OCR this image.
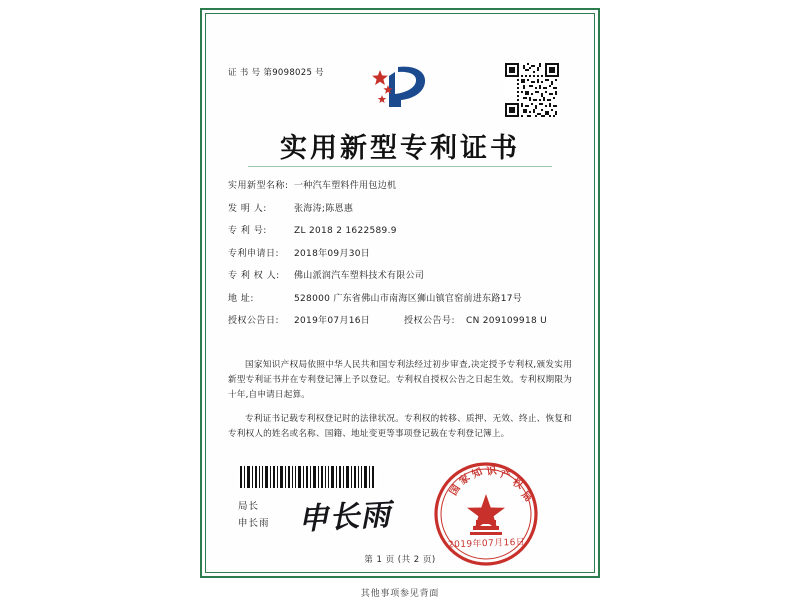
证 书 号 第9098025 号
实用新型专利证书
实用新型名称: 一种汽车塑料件用包边机
发 明 人:	张海涛;陈恩惠
专 利 号:	ZL 2018 2 1622589.9
专利申请日:	2018年09月30日
专 利 权 人:	佛山派润汽车塑料技术有限公司
地 址:	528000 广东省佛山市南海区狮山镇官窑前进东路17号
授权公告日:	2019年07月16日	授权公告号:	CN 209109918 U

国家知识产权局依照中华人民共和国专利法经过初步审查,决定授予专利权,颁发实用新型专利证书并在专利登记簿上予以登记。专利权自授权公告之日起生效。专利权期限为十年,自申请日起算。

专利证书记载专利权登记时的法律状况。专利权的转移、质押、无效、终止、恢复和专利权人的姓名或名称、国籍、地址变更等事项登记载在专利登记簿上。

局长
申长雨 申长雨
国
家
知 识 产
权
局
2019年07月16日
第 1 页 (共 2 页)
其他事项参见背面
